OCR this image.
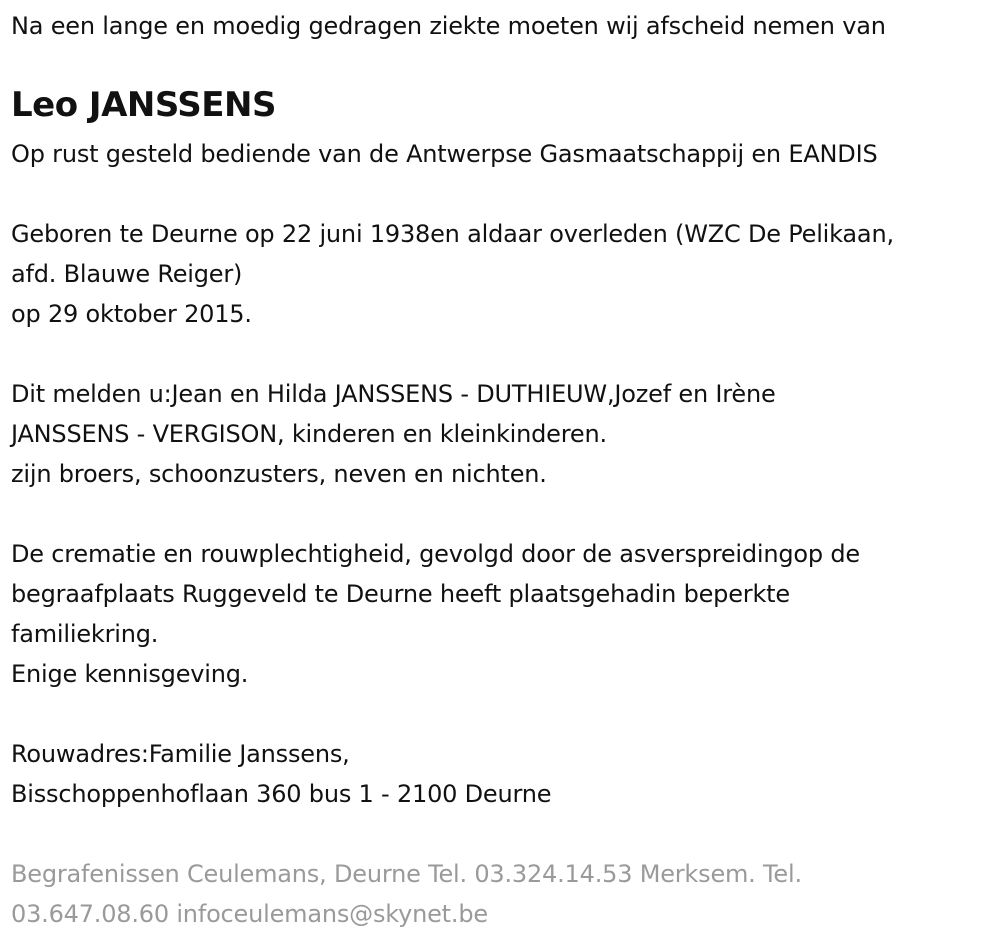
Na een lange en moedig gedragen ziekte moeten wij afscheid nemen van
Leo JANSSENS
Op rust gesteld bediende van de Antwerpse Gasmaatschappij en EANDIS
Geboren te Deurne op 22 juni 1938en aldaar overleden (WZC De Pelikaan,
afd. Blauwe Reiger)
op 29 oktober 2015.
Dit melden u:Jean en Hilda JANSSENS - DUTHIEUW,Jozef en Irène
JANSSENS - VERGISON, kinderen en kleinkinderen.
zijn broers, schoonzusters, neven en nichten.
De crematie en rouwplechtigheid, gevolgd door de asverspreidingop de
begraafplaats Ruggeveld te Deurne heeft plaatsgehadin beperkte
familiekring.
Enige kennisgeving.
Rouwadres:Familie Janssens,
Bisschoppenhoflaan 360 bus 1 - 2100 Deurne
Begrafenissen Ceulemans, Deurne Tel. 03.324.14.53 Merksem. Tel.
03.647.08.60 infoceulemans@skynet.be
